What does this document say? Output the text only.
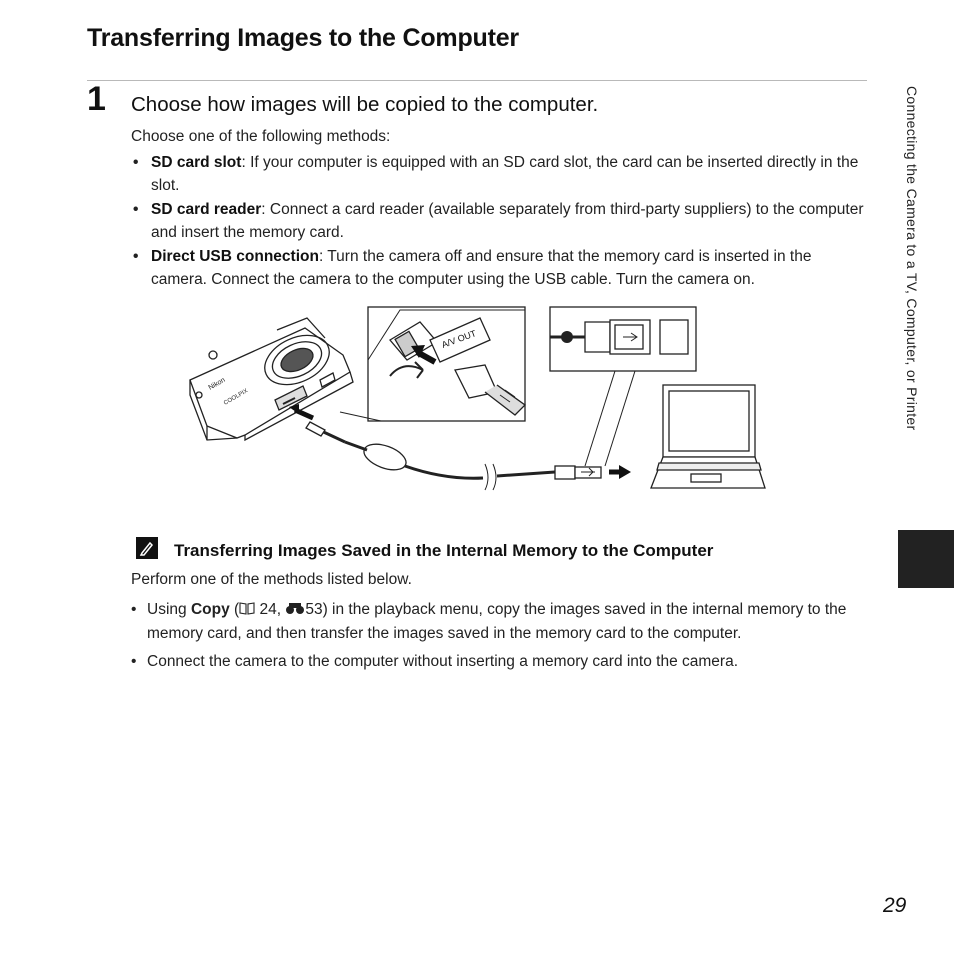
Transferring Images to the Computer
1 Choose how images will be copied to the computer.
Choose one of the following methods:
• SD card slot: If your computer is equipped with an SD card slot, the card can be inserted directly in the slot.
• SD card reader: Connect a card reader (available separately from third-party suppliers) to the computer and insert the memory card.
• Direct USB connection: Turn the camera off and ensure that the memory card is inserted in the camera. Connect the camera to the computer using the USB cable. Turn the camera on.
A/V OUT
Nikon
COOLPIX
Transferring Images Saved in the Internal Memory to the Computer
Perform one of the methods listed below.
• Using Copy ( 24, 53) in the playback menu, copy the images saved in the internal memory to the memory card, and then transfer the images saved in the memory card to the computer.
• Connect the camera to the computer without inserting a memory card into the camera.
Connecting the Camera to a TV, Computer, or Printer
29
